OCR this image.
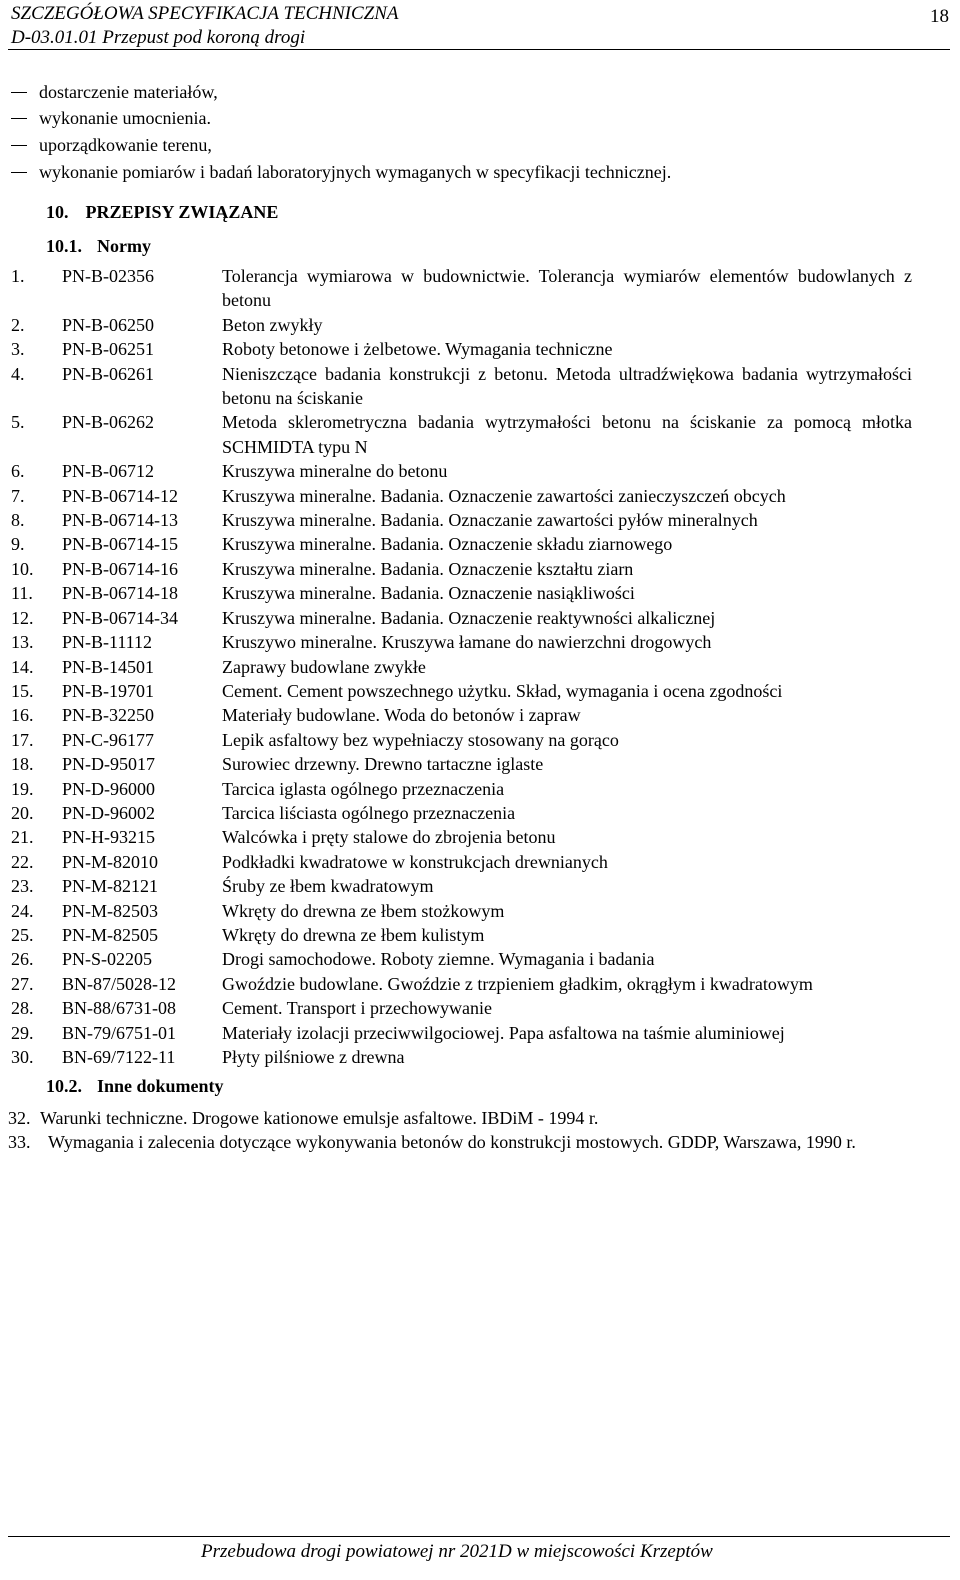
SZCZEGÓŁOWA SPECYFIKACJA TECHNICZNA
D-03.01.01 Przepust pod koroną drogi
18
dostarczenie materiałów,
wykonanie umocnienia.
uporządkowanie terenu,
wykonanie pomiarów i badań laboratoryjnych wymaganych w specyfikacji technicznej.
10. PRZEPISY ZWIĄZANE
10.1. Normy
1.	PN-B-02356	Tolerancja wymiarowa w budownictwie. Tolerancja wymiarów elementów budowlanych z betonu
2.	PN-B-06250	Beton zwykły
3.	PN-B-06251	Roboty betonowe i żelbetowe. Wymagania techniczne
4.	PN-B-06261	Nieniszczące badania konstrukcji z betonu. Metoda ultradźwiękowa badania wytrzymałości betonu na ściskanie
5.	PN-B-06262	Metoda sklerometryczna badania wytrzymałości betonu na ściskanie za pomocą młotka SCHMIDTA typu N
6.	PN-B-06712	Kruszywa mineralne do betonu
7.	PN-B-06714-12	Kruszywa mineralne. Badania. Oznaczenie zawartości zanieczyszczeń obcych
8.	PN-B-06714-13	Kruszywa mineralne. Badania. Oznaczanie zawartości pyłów mineralnych
9.	PN-B-06714-15	Kruszywa mineralne. Badania. Oznaczenie składu ziarnowego
10.	PN-B-06714-16	Kruszywa mineralne. Badania. Oznaczenie kształtu ziarn
11.	PN-B-06714-18	Kruszywa mineralne. Badania. Oznaczenie nasiąkliwości
12.	PN-B-06714-34	Kruszywa mineralne. Badania. Oznaczenie reaktywności alkalicznej
13.	PN-B-11112	Kruszywo mineralne. Kruszywa łamane do nawierzchni drogowych
14.	PN-B-14501	Zaprawy budowlane zwykłe
15.	PN-B-19701	Cement. Cement powszechnego użytku. Skład, wymagania i ocena zgodności
16.	PN-B-32250	Materiały budowlane. Woda do betonów i zapraw
17.	PN-C-96177	Lepik asfaltowy bez wypełniaczy stosowany na gorąco
18.	PN-D-95017	Surowiec drzewny. Drewno tartaczne iglaste
19.	PN-D-96000	Tarcica iglasta ogólnego przeznaczenia
20.	PN-D-96002	Tarcica liściasta ogólnego przeznaczenia
21.	PN-H-93215	Walcówka i pręty stalowe do zbrojenia betonu
22.	PN-M-82010	Podkładki kwadratowe w konstrukcjach drewnianych
23.	PN-M-82121	Śruby ze łbem kwadratowym
24.	PN-M-82503	Wkręty do drewna ze łbem stożkowym
25.	PN-M-82505	Wkręty do drewna ze łbem kulistym
26.	PN-S-02205	Drogi samochodowe. Roboty ziemne. Wymagania i badania
27.	BN-87/5028-12	Gwoździe budowlane. Gwoździe z trzpieniem gładkim, okrągłym i kwadratowym
28.	BN-88/6731-08	Cement. Transport i przechowywanie
29.	BN-79/6751-01	Materiały izolacji przeciwwilgociowej. Papa asfaltowa na taśmie aluminiowej
30.	BN-69/7122-11	Płyty pilśniowe z drewna
10.2. Inne dokumenty
32. Warunki techniczne. Drogowe kationowe emulsje asfaltowe. IBDiM - 1994 r.
33. Wymagania i zalecenia dotyczące wykonywania betonów do konstrukcji mostowych. GDDP, Warszawa, 1990 r.
Przebudowa drogi powiatowej nr 2021D w miejscowości Krzeptów
